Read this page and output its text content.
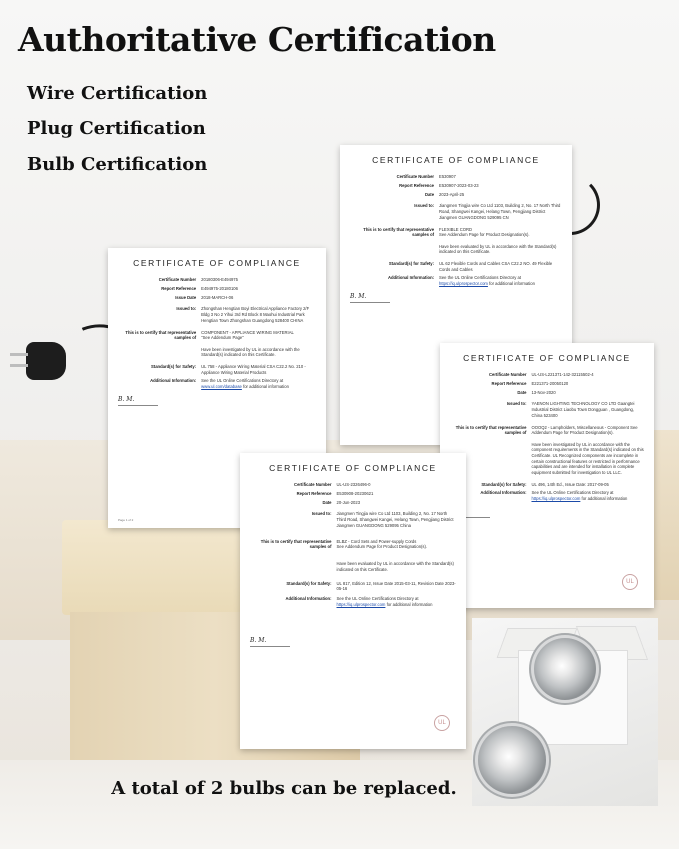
Authoritative Certification
Wire Certification
Plug Certification
Bulb Certification	CERTIFICATE OF COMPLIANCE
Certificate Number	E530907
Report Reference	E530907-2023-03-23
Date	2023-April-25
Issued to:	Jiangmen Tingjia wire Co Ltd 1103, Building 2, No. 17 North Third Road, Shangwei Kangei, Helang Town, Pengjiang District Jiangmen GUANGDONG 529095 CN
This is to certify that representative samples of
FLEXIBLE CORD
See Addendum Page for Product Designation(s).

Have been evaluated by UL in accordance with the Standard(s) indicated on this Certificate.
Standard(s) for Safety:	UL 62 Flexible Cords and Cables CSA C22.2 NO. 49 Flexible Cords and Cables
Additional Information:	See the UL Online Certifications Directory at https://iq.ulprospector.com for additional information
B. M.
CERTIFICATE OF COMPLIANCE
Certificate Number	20180306-E494975
Report Reference	E494975-20180106
Issue Date	2018-MARCH-06
Issued to:	Zhongshan Hengtian Boyi Electrical Appliance Factory 2/F Bldg 3 No 2 Yihui 3rd Rd Block 8 Maohui Industrial Park Hengtian Town Zhongshan Guangdong 528400 CHINA
This is to certify that representative samples of
COMPONENT - APPLIANCE WIRING MATERIAL
"See Addendum Page"

Have been investigated by UL in accordance with the Standard(s) indicated on this Certificate.
Standard(s) for Safety:	UL 758 - Appliance Wiring Material CSA C22.2 No. 210 - Appliance Wiring Material Products
Additional Information:	See the UL Online Certifications Directory at www.ul.com/database for additional information
B. M.
Page 1 of 2
CERTIFICATE OF COMPLIANCE
Certificate Number	UL-US-L221371-142-32115502-4
Report Reference	E221371-20050120
Date	13-Nov-2020
Issued to:	YAENON LIGHTING TECHNOLOGY CO LTD Gaangtei Industrial District Liaobu Town Dongguan , Guangdong, China 523400
This is to certify that representative samples of
OOOQ2 - Lampholders, Miscellaneous - Component See Addendum Page for Product Designation(s).

Have been investigated by UL in accordance with the component requirements in the Standard(s) indicated on this Certificate. UL Recognized components are incomplete in certain constructional features or restricted in performance capabilities and are intended for installation in complete equipment submitted for investigation to UL LLC.
Standard(s) for Safety:	UL 496, 14th Ed., Issue Date: 2017-09-05
Additional Information:	See the UL Online Certifications Directory at https://iq.ulprospector.com for additional information
UL
CERTIFICATE OF COMPLIANCE
Certificate Number	UL-US-2326496-0
Report Reference	E530908-20230621
Date	20-Jun-2023
Issued to:	Jiangmen Tingjia wire Co Ltd 1103, Building 2, No. 17 North Third Road, Shangwei Kangei, Helang Town, Pengjiang District Jiangmen GUANGDONG 529095 China
This is to certify that representative samples of
ELBZ - Cord Sets and Power-supply Cords
See Addendum Page for Product Designation(s).

Have been evaluated by UL in accordance with the Standard(s) indicated on this Certificate.
Standard(s) for Safety:	UL 817, Edition 12, Issue Date 2015-03-11, Revision Date 2023-05-16
Additional Information:	See the UL Online Certifications Directory at https://iq.ulprospector.com for additional information
B. M.
UL
A total of 2 bulbs can be replaced.
